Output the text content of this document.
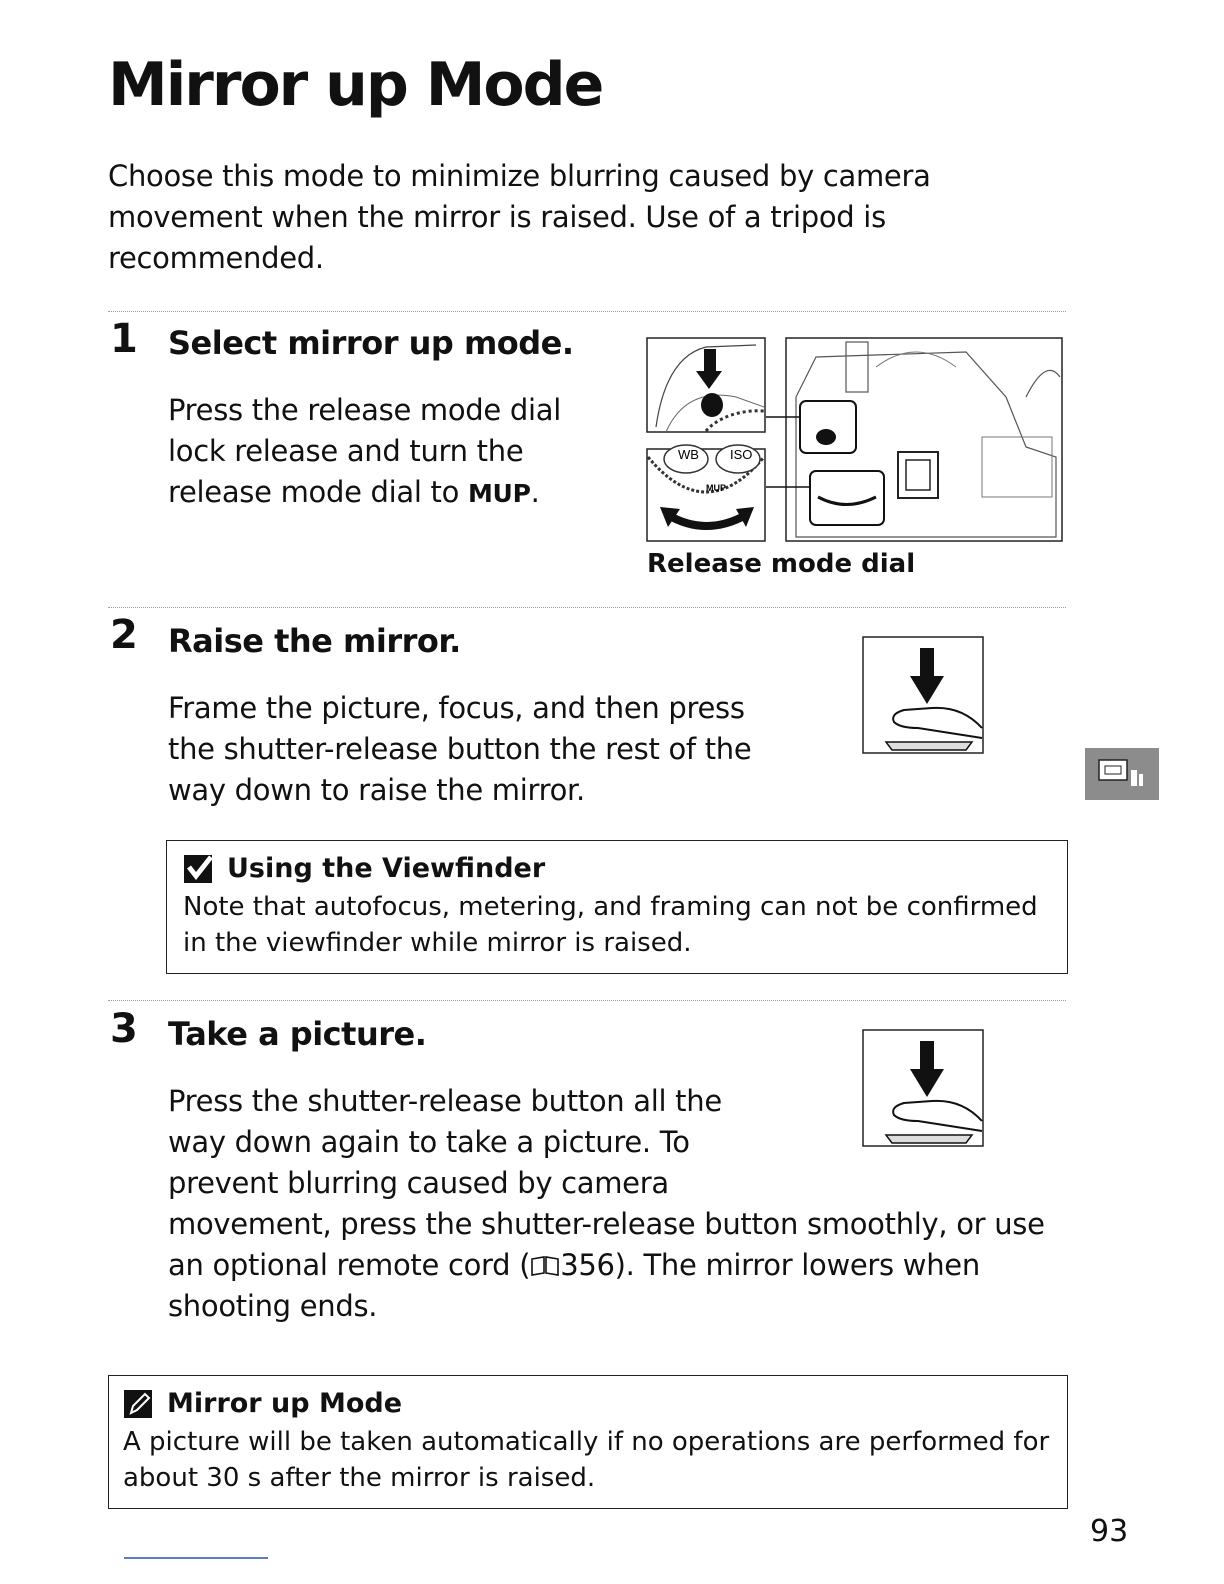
Mirror up Mode
Choose this mode to minimize blurring caused by camera movement when the mirror is raised. Use of a tripod is recommended.
1 Select mirror up mode.
Press the release mode dial
lock release and turn the
release mode dial to MUP.
WB ISO
MUP
Release mode dial
2 Raise the mirror.
Frame the picture, focus, and then press
the shutter-release button the rest of the
way down to raise the mirror.
Using the Viewfinder
Note that autofocus, metering, and framing can not be confirmed
in the viewfinder while mirror is raised.
3 Take a picture.
Press the shutter-release button all the
way down again to take a picture. To
prevent blurring caused by camera
movement, press the shutter-release button smoothly, or use
an optional remote cord ( 356). The mirror lowers when
shooting ends.
Mirror up Mode
A picture will be taken automatically if no operations are performed for
about 30 s after the mirror is raised.
93
